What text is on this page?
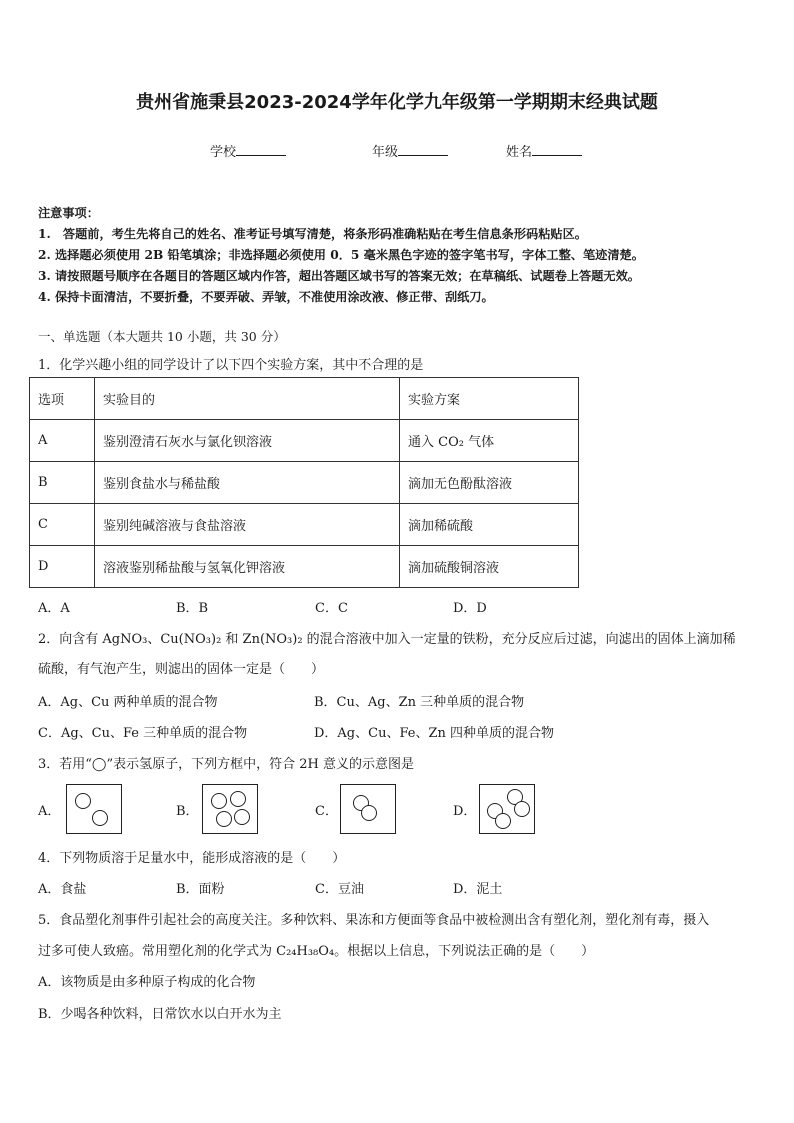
贵州省施秉县2023-2024学年化学九年级第一学期期末经典试题
学校	年级	姓名
注意事项：
1.　答题前，考生先将自己的姓名、准考证号填写清楚，将条形码准确粘贴在考生信息条形码粘贴区。
2. 选择题必须使用 2B 铅笔填涂；非选择题必须使用 0．5 毫米黑色字迹的签字笔书写，字体工整、笔迹清楚。
3. 请按照题号顺序在各题目的答题区域内作答，超出答题区域书写的答案无效；在草稿纸、试题卷上答题无效。
4. 保持卡面清洁，不要折叠，不要弄破、弄皱，不准使用涂改液、修正带、刮纸刀。
一、单选题（本大题共 10 小题，共 30 分）
1．化学兴趣小组的同学设计了以下四个实验方案，其中不合理的是
选项	实验目的	实验方案
A	鉴别澄清石灰水与氯化钡溶液	通入 CO₂ 气体
B	鉴别食盐水与稀盐酸	滴加无色酚酞溶液
C	鉴别纯碱溶液与食盐溶液	滴加稀硫酸
D	溶液鉴别稀盐酸与氢氧化钾溶液	滴加硫酸铜溶液
A．A	B．B	C．C	D．D
2．向含有 AgNO₃、Cu(NO₃)₂ 和 Zn(NO₃)₂ 的混合溶液中加入一定量的铁粉，充分反应后过滤，向滤出的固体上滴加稀
硫酸，有气泡产生，则滤出的固体一定是（　　）
A．Ag、Cu 两种单质的混合物	B．Cu、Ag、Zn 三种单质的混合物
C．Ag、Cu、Fe 三种单质的混合物	D．Ag、Cu、Fe、Zn 四种单质的混合物
3．若用“◯”表示氢原子，下列方框中，符合 2H 意义的示意图是
A．	B．	C．	D．
4．下列物质溶于足量水中，能形成溶液的是（　　）
A．食盐	B．面粉	C．豆油	D．泥土
5．食品塑化剂事件引起社会的高度关注。多种饮料、果冻和方便面等食品中被检测出含有塑化剂，塑化剂有毒，摄入
过多可使人致癌。常用塑化剂的化学式为 C₂₄H₃₈O₄。根据以上信息，下列说法正确的是（　　）
A．该物质是由多种原子构成的化合物
B．少喝各种饮料，日常饮水以白开水为主
